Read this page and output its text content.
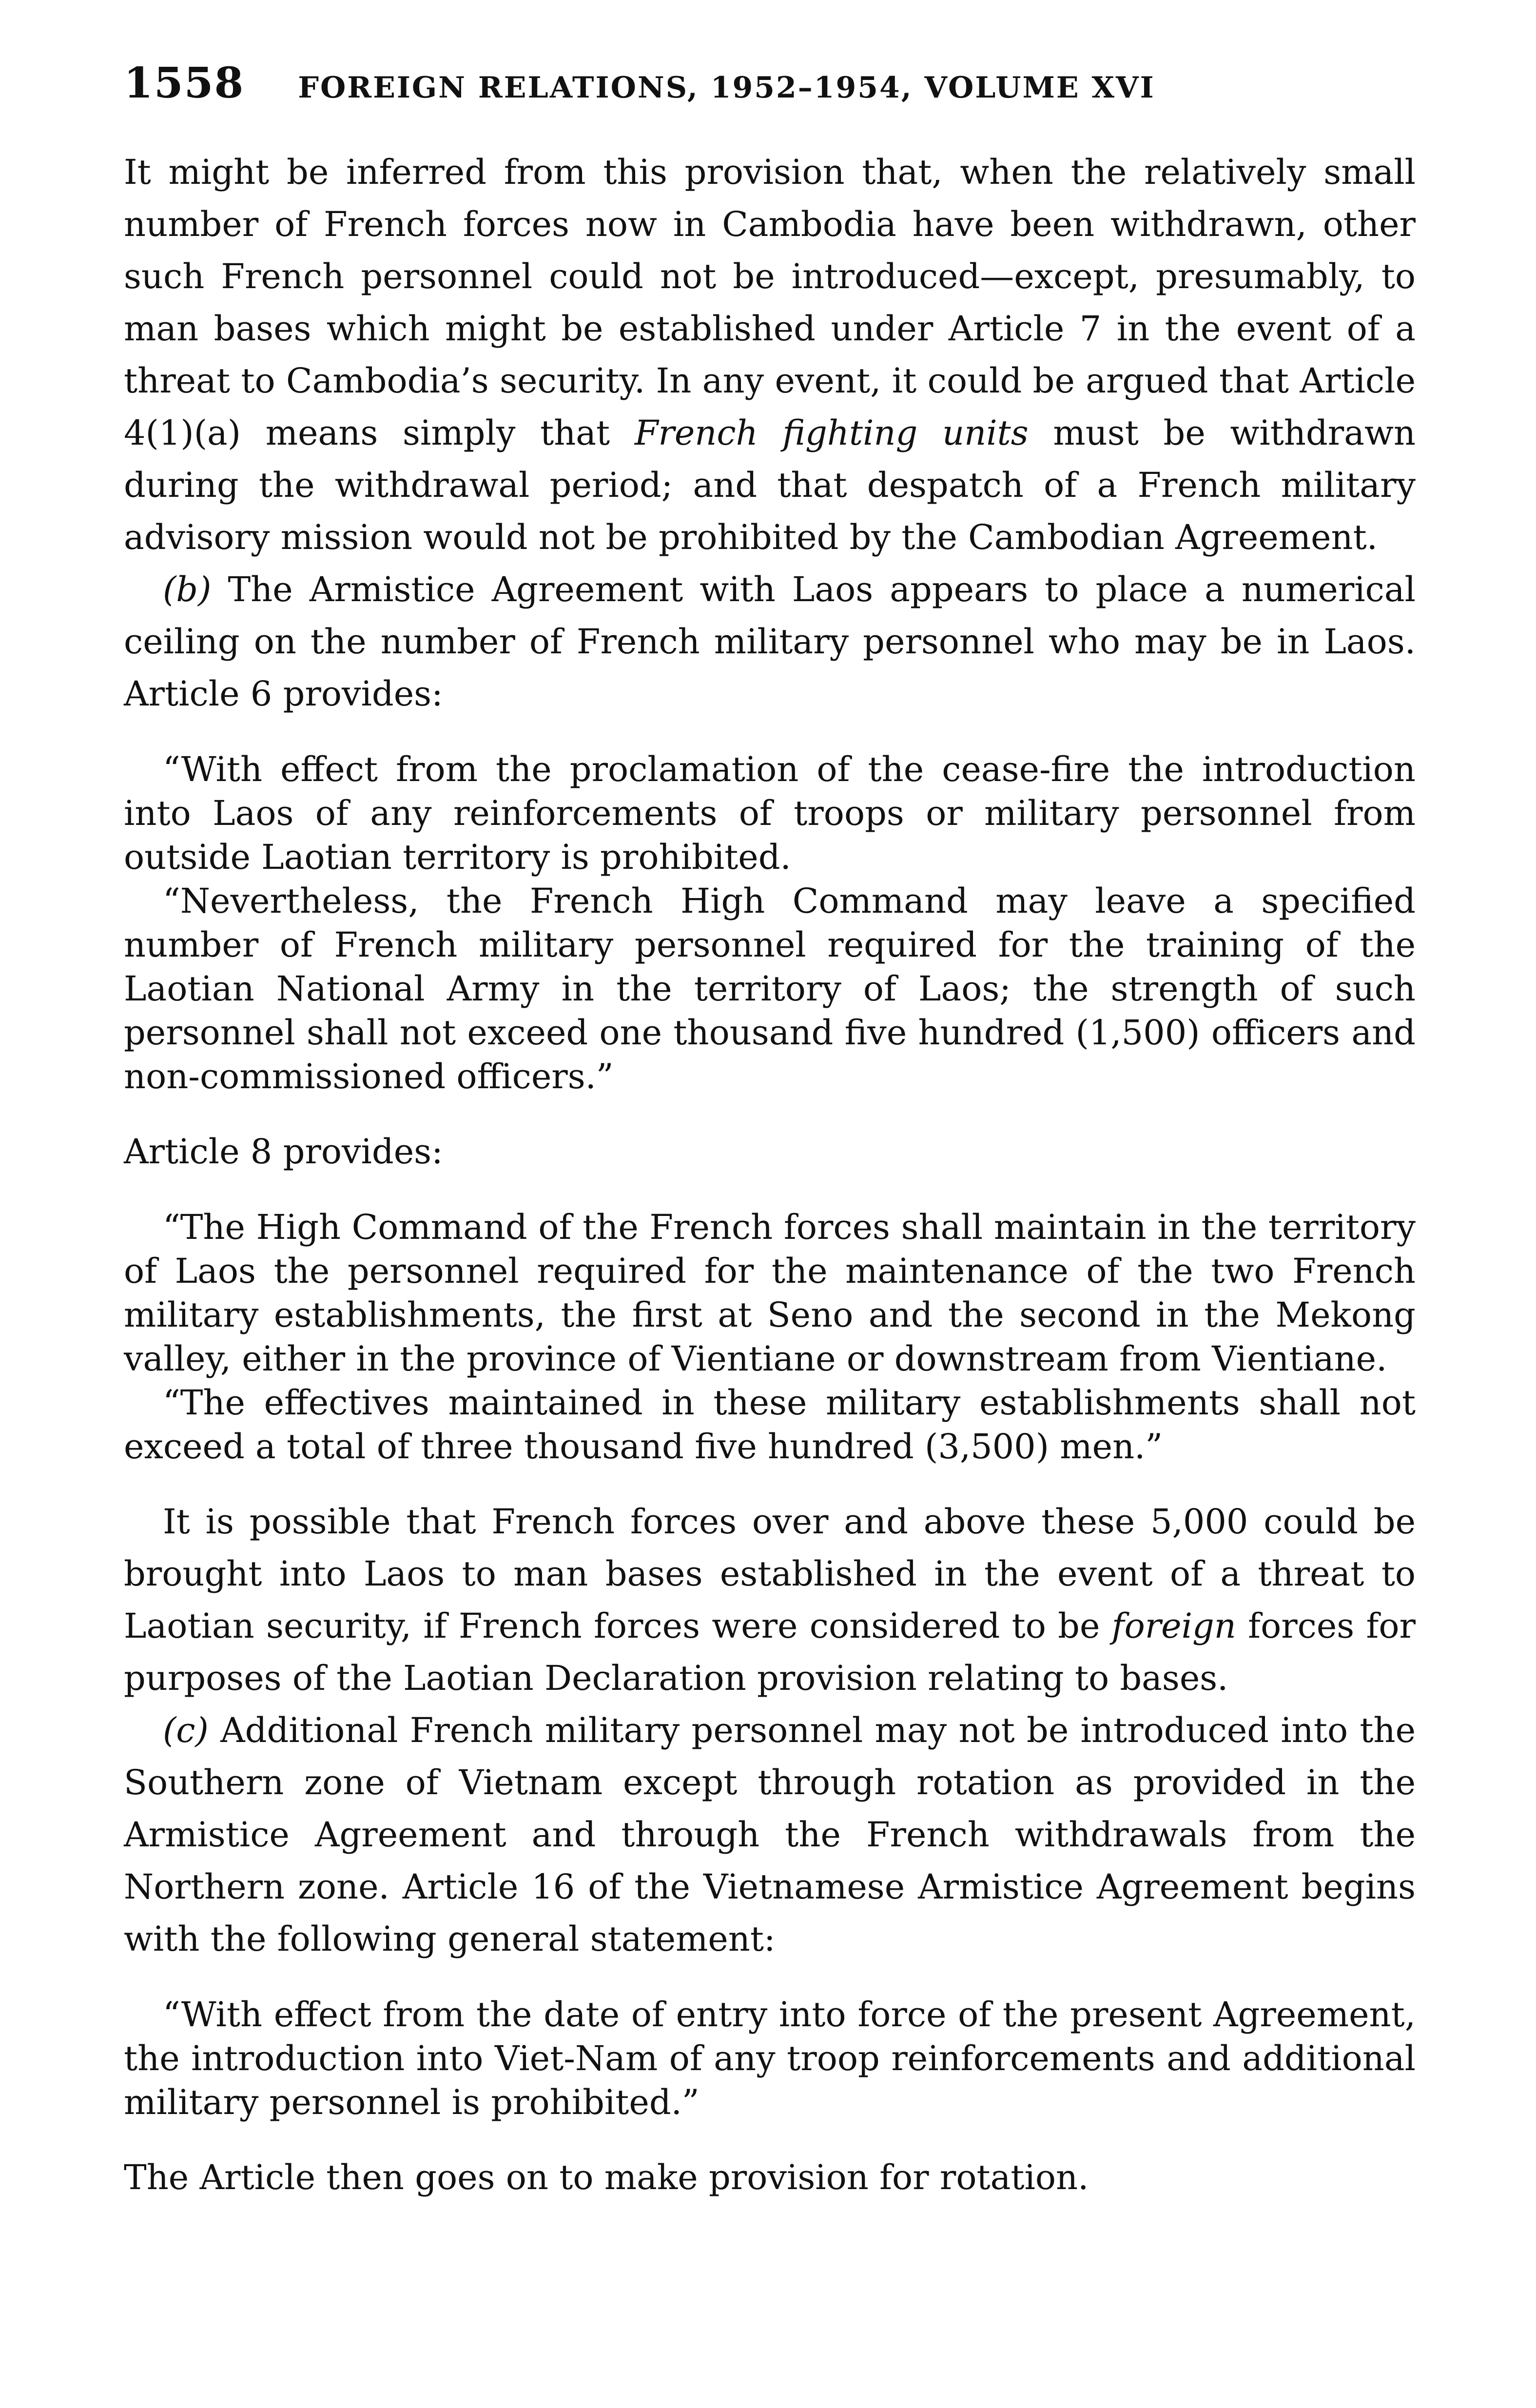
1558 FOREIGN RELATIONS, 1952–1954, VOLUME XVI

It might be inferred from this provision that, when the relatively small number of French forces now in Cambodia have been withdrawn, other such French personnel could not be introduced—except, presumably, to man bases which might be established under Article 7 in the event of a threat to Cambodia’s security. In any event, it could be argued that Article 4(1)(a) means simply that French fighting units must be withdrawn during the withdrawal period; and that despatch of a French military advisory mission would not be prohibited by the Cambodian Agreement.

(b) The Armistice Agreement with Laos appears to place a numerical ceiling on the number of French military personnel who may be in Laos. Article 6 provides:

“With effect from the proclamation of the cease-fire the introduction into Laos of any reinforcements of troops or military personnel from outside Laotian territory is prohibited.

“Nevertheless, the French High Command may leave a specified number of French military personnel required for the training of the Laotian National Army in the territory of Laos; the strength of such personnel shall not exceed one thousand five hundred (1,500) officers and non-commissioned officers.”

Article 8 provides:

“The High Command of the French forces shall maintain in the territory of Laos the personnel required for the maintenance of the two French military establishments, the first at Seno and the second in the Mekong valley, either in the province of Vientiane or downstream from Vientiane.

“The effectives maintained in these military establishments shall not exceed a total of three thousand five hundred (3,500) men.”

It is possible that French forces over and above these 5,000 could be brought into Laos to man bases established in the event of a threat to Laotian security, if French forces were considered to be foreign forces for purposes of the Laotian Declaration provision relating to bases.

(c) Additional French military personnel may not be introduced into the Southern zone of Vietnam except through rotation as provided in the Armistice Agreement and through the French withdrawals from the Northern zone. Article 16 of the Vietnamese Armistice Agreement begins with the following general statement:

“With effect from the date of entry into force of the present Agreement, the introduction into Viet-Nam of any troop reinforcements and additional military personnel is prohibited.”

The Article then goes on to make provision for rotation.
